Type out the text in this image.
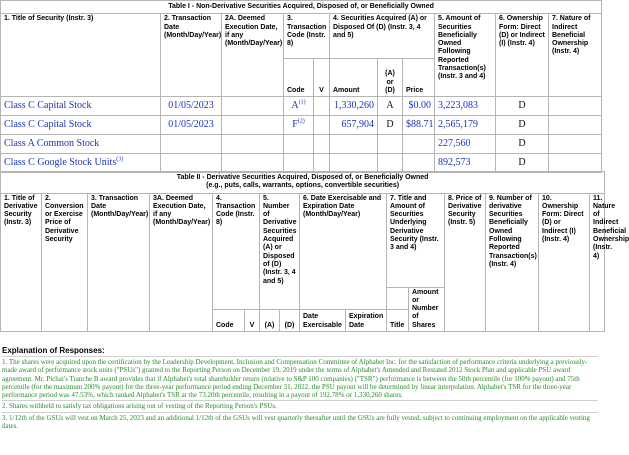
Table I - Non-Derivative Securities Acquired, Disposed of, or Beneficially Owned										
1. Title of Security (Instr. 3)	2. Transaction Date (Month/Day/Year)	2A. Deemed Execution Date, if any (Month/Day/Year)	3. Transaction Code (Instr. 8)		4. Securities Acquired (A) or Disposed Of (D) (Instr. 3, 4 and 5)			5. Amount of Securities Beneficially Owned Following Reported Transaction(s) (Instr. 3 and 4)	6. Ownership Form: Direct (D) or Indirect (I) (Instr. 4)	7. Nature of Indirect Beneficial Ownership (Instr. 4)
			Code	V	Amount	(A) or (D)	Price			
Class C Capital Stock	01/05/2023		$A^{(1)}$		1,330,260	A	$0.00	3,223,083	D	
Class C Capital Stock	01/05/2023		$F^{(2)}$		657,904	D	$88.71	2,565,179	D	
Class A Common Stock								227,560	D	
Class C Google Stock Units$^{(3)}$								892,573	D	
Table II - Derivative Securities Acquired, Disposed of, or Beneficially Owned
(e.g., puts, calls, warrants, options, convertible securities)															

1. Title of Derivative Security (Instr. 3)	2. Conversion or Exercise Price of Derivative Security	3. Transaction Date (Month/Day/Year)	3A. Deemed Execution Date, if any (Month/Day/Year)	4. Transaction Code (Instr. 8)		5. Number of Derivative Securities Acquired (A) or Disposed of (D) (Instr. 3, 4 and 5)		6. Date Exercisable and Expiration Date (Month/Day/Year)		7. Title and Amount of Securities Underlying Derivative Security (Instr. 3 and 4)		8. Price of Derivative Security (Instr. 5)	9. Number of derivative Securities Beneficially Owned Following Reported Transaction(s) (Instr. 4)	10. Ownership Form: Direct (D) or Indirect (I) (Instr. 4)	11. Nature of Indirect Beneficial Ownership (Instr. 4)
											Amount or Number of Shares				
				Code	V	(A)	(D)	Date Exercisable	Expiration Date	Title					
Explanation of Responses:
1. The shares were acquired upon the certification by the Leadership Development, Inclusion and Compensation Committee of Alphabet Inc. for the satisfaction of performance criteria underlying a previously-made award of performance stock units ("PSUs") granted to the Reporting Person on December 19, 2019 under the terms of Alphabet's Amended and Restated 2012 Stock Plan and applicable PSU award agreement. Mr. Pichai's Tranche B award provides that if Alphabet's total shareholder return (relative to S&P 100 companies) ("TSR") performance is between the 50th percentile (for 100% payout) and 75th percentile (for the maximum 200% payout) for the three-year performance period ending December 31, 2022, the PSU payout will be determined by linear interpolation. Alphabet's TSR for the three-year performance period was 47.53%, which ranked Alphabet's TSR at the 73.20th percentile, resulting in a payout of 192.78% or 1,330,260 shares.
2. Shares withheld to satisfy tax obligations arising out of vesting of the Reporting Person's PSUs.
3. 1/12th of the GSUs will vest on March 25, 2023 and an additional 1/12th of the GSUs will vest quarterly thereafter until the GSUs are fully vested, subject to continuing employment on the applicable vesting dates.
